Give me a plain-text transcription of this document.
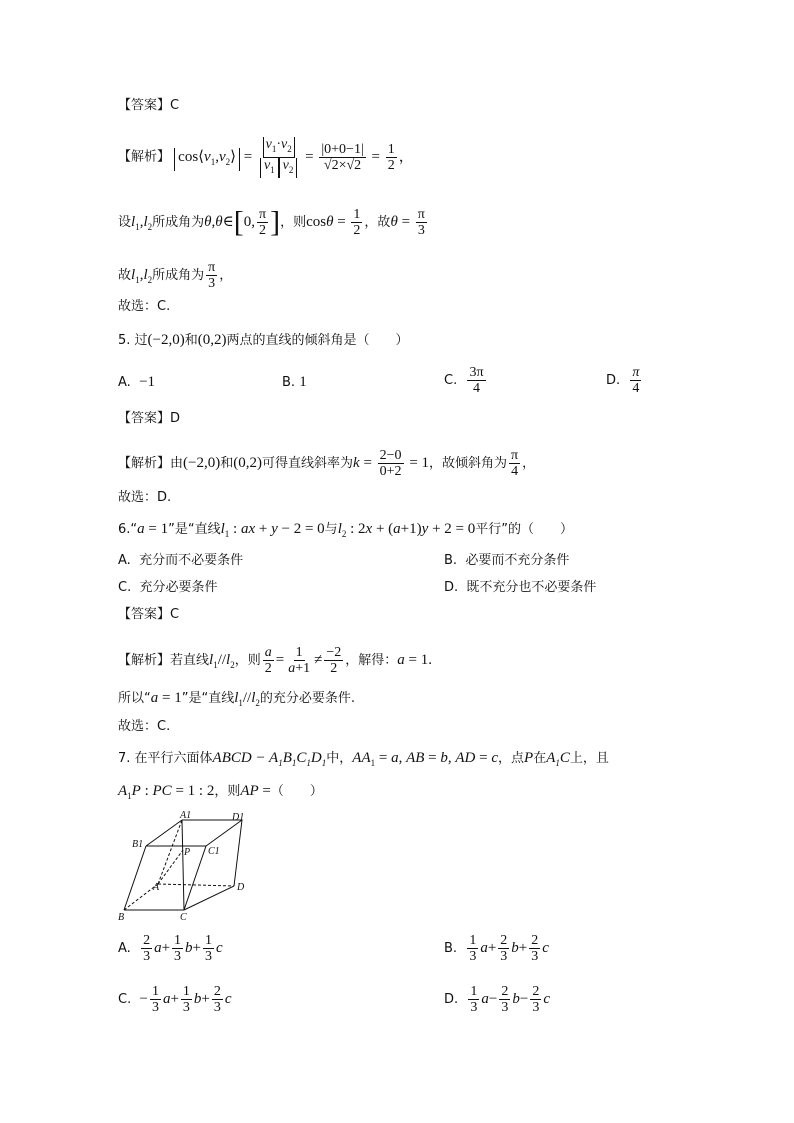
【答案】C
【解析】 $\cos⟨v_1,v_2⟩ = \frac{v_1\cdot v_2}{v_1 v_2} = \frac{|0+0-1|}{√2\times√2} = \frac{1}{2}$ ，
设$l_1,l_2$所成角为θ,θ∈[0, $\frac{\pi}{2}$ ]，则$\cos\theta = \frac{1}{2}$ ，故$\theta = \frac{\pi}{3}$
故$l_1,l_2$所成角为 $\frac{\pi}{3}$ ，
故选：C.
5. 过(−2,0)和(0,2)两点的直线的倾斜角是（　　）
A. −1	B. 1	C. $\frac{3\pi}{4}$	D. $\frac{\pi}{4}$
【答案】D
【解析】由(−2,0)和(0,2)可得直线斜率为$k = \frac{2-0}{0+2} = 1$，故倾斜角为 $\frac{\pi}{4}$ ，
故选：D.
6.“a = 1”是“直线$l_1$ : ax + y − 2 = 0与$l_2$ : 2x + (a+1)y + 2 = 0平行”的（　　）
A. 充分而不必要条件	B. 必要而不充分条件
C. 充分必要条件	D. 既不充分也不必要条件
【答案】C
【解析】若直线$l_1//l_2$，则 $\frac{a}{2} = \frac{1}{a+1} \ne \frac{-2}{2}$ ，解得：a = 1.
所以“a = 1”是“直线$l_1//l_2$的充分必要条件.
故选：C.
7. 在平行六面体ABCD − $A_1B_1C_1D_1$中，$AA_1 = a$, AB = b, AD = c，点P在$A_1C$上，且
$A_1P$ : PC = 1 : 2，则AP =（　　）
B	C
D
A
A1	D1
B1
C1
P
A. $\frac{2}{3} a+ \frac{1}{3} b+ \frac{1}{3}$ c	B. $\frac{1}{3} a+ \frac{2}{3} b+ \frac{2}{3}$ c
C. − $\frac{1}{3} a+ \frac{1}{3} b+ \frac{2}{3}$ c	D. $\frac{1}{3} a- \frac{2}{3} b- \frac{2}{3}$ c
